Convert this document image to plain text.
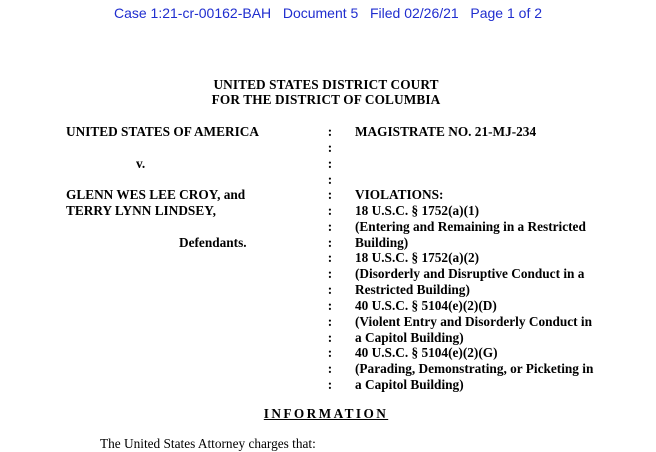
Case 1:21-cr-00162-BAH Document 5 Filed 02/26/21 Page 1 of 2
UNITED STATES DISTRICT COURT
FOR THE DISTRICT OF COLUMBIA
UNITED STATES OF AMERICA
v.
GLENN WES LEE CROY, and
TERRY LYNN LINDSEY,
Defendants.
:
:
:
:
:
:
:
:
:
:
:
:
:
:
:
:
:
MAGISTRATE NO. 21-MJ-234
VIOLATIONS:
18 U.S.C. § 1752(a)(1)
(Entering and Remaining in a Restricted
Building)
18 U.S.C. § 1752(a)(2)
(Disorderly and Disruptive Conduct in a
Restricted Building)
40 U.S.C. § 5104(e)(2)(D)
(Violent Entry and Disorderly Conduct in
a Capitol Building)
40 U.S.C. § 5104(e)(2)(G)
(Parading, Demonstrating, or Picketing in
a Capitol Building)
INFORMATION
The United States Attorney charges that:
